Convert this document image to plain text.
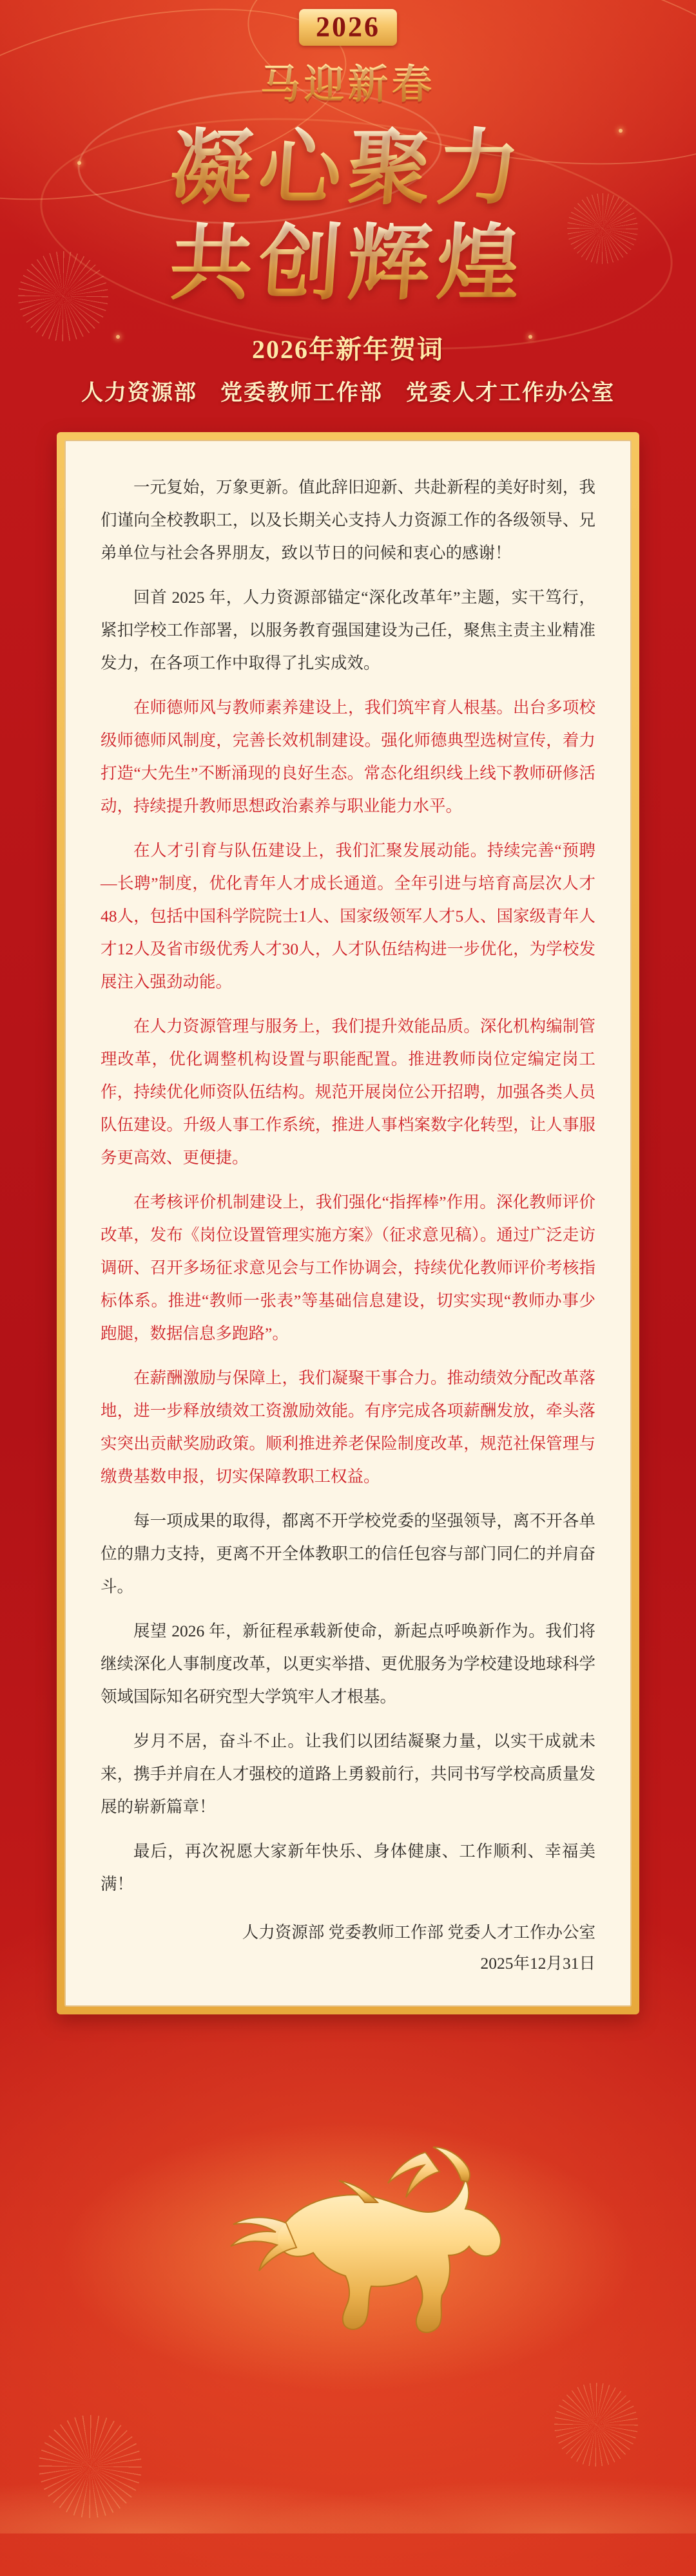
2026
马迎新春
凝心聚力
共创辉煌
2026年新年贺词
人力资源部　党委教师工作部　党委人才工作办公室

一元复始，万象更新。值此辞旧迎新、共赴新程的美好时刻，我们谨向全校教职工，以及长期关心支持人力资源工作的各级领导、兄弟单位与社会各界朋友，致以节日的问候和衷心的感谢！

回首 2025 年，人力资源部锚定“深化改革年”主题，实干笃行，紧扣学校工作部署，以服务教育强国建设为己任，聚焦主责主业精准发力，在各项工作中取得了扎实成效。

在师德师风与教师素养建设上，我们筑牢育人根基。出台多项校级师德师风制度，完善长效机制建设。强化师德典型选树宣传，着力打造“大先生”不断涌现的良好生态。常态化组织线上线下教师研修活动，持续提升教师思想政治素养与职业能力水平。

在人才引育与队伍建设上，我们汇聚发展动能。持续完善“预聘—长聘”制度，优化青年人才成长通道。全年引进与培育高层次人才48人，包括中国科学院院士1人、国家级领军人才5人、国家级青年人才12人及省市级优秀人才30人，人才队伍结构进一步优化，为学校发展注入强劲动能。

在人力资源管理与服务上，我们提升效能品质。深化机构编制管理改革，优化调整机构设置与职能配置。推进教师岗位定编定岗工作，持续优化师资队伍结构。规范开展岗位公开招聘，加强各类人员队伍建设。升级人事工作系统，推进人事档案数字化转型，让人事服务更高效、更便捷。

在考核评价机制建设上，我们强化“指挥棒”作用。深化教师评价改革，发布《岗位设置管理实施方案》（征求意见稿）。通过广泛走访调研、召开多场征求意见会与工作协调会，持续优化教师评价考核指标体系。推进“教师一张表”等基础信息建设，切实实现“教师办事少跑腿，数据信息多跑路”。

在薪酬激励与保障上，我们凝聚干事合力。推动绩效分配改革落地，进一步释放绩效工资激励效能。有序完成各项薪酬发放，牵头落实突出贡献奖励政策。顺利推进养老保险制度改革，规范社保管理与缴费基数申报，切实保障教职工权益。

每一项成果的取得，都离不开学校党委的坚强领导，离不开各单位的鼎力支持，更离不开全体教职工的信任包容与部门同仁的并肩奋斗。

展望 2026 年，新征程承载新使命，新起点呼唤新作为。我们将继续深化人事制度改革，以更实举措、更优服务为学校建设地球科学领域国际知名研究型大学筑牢人才根基。

岁月不居，奋斗不止。让我们以团结凝聚力量，以实干成就未来，携手并肩在人才强校的道路上勇毅前行，共同书写学校高质量发展的崭新篇章！

最后，再次祝愿大家新年快乐、身体健康、工作顺利、幸福美满！

人力资源部 党委教师工作部 党委人才工作办公室
2025年12月31日
